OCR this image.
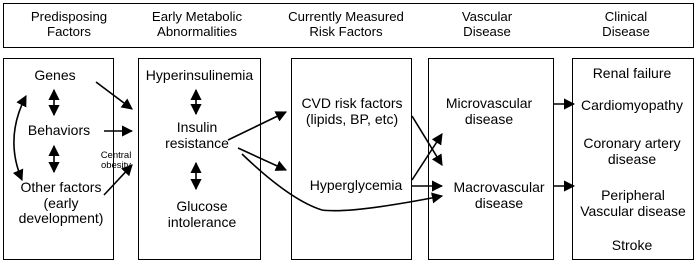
Predisposing
Factors
Early Metabolic
Abnormalities
Currently Measured
Risk Factors
Vascular
Disease
Clinical
Disease
Genes
Behaviors
Other factors
(early
development)
Central
obesity
Hyperinsulinemia
Insulin
resistance
Glucose
intolerance
CVD risk factors
(lipids, BP, etc)
Hyperglycemia
Microvascular
disease
Macrovascular
disease
Renal failure
Cardiomyopathy
Coronary artery
disease
Peripheral
Vascular disease
Stroke
